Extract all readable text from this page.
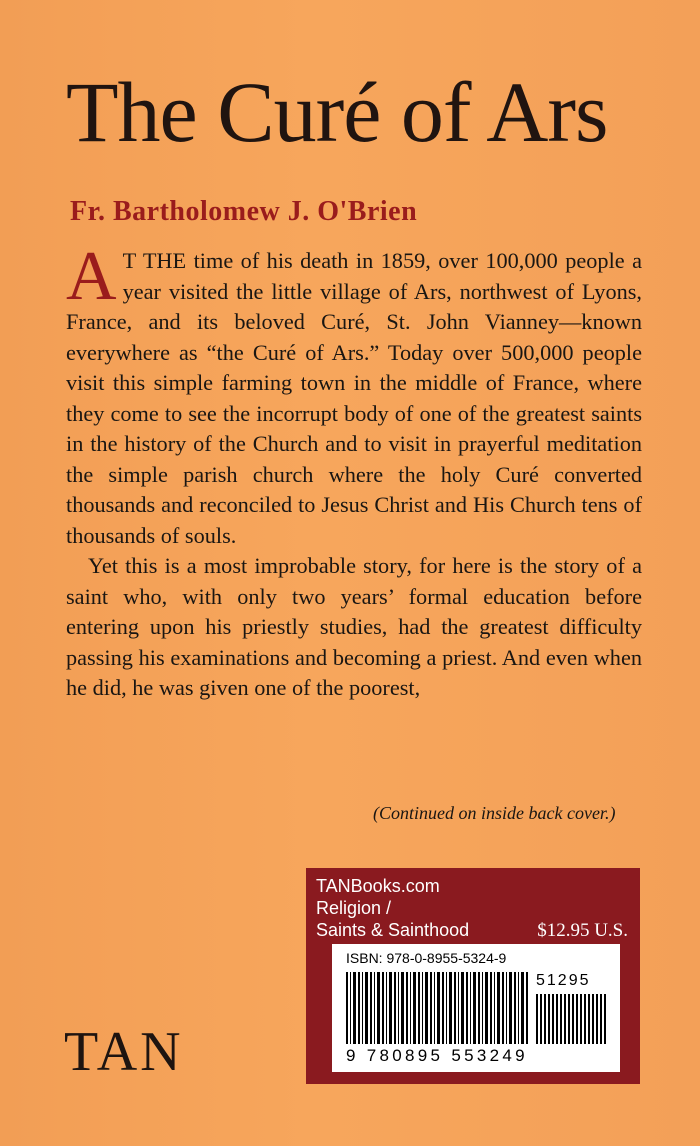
The Curé of Ars
Fr. Bartholomew J. O'Brien

A T THE time of his death in 1859, over 100,000 people a year visited the little village of Ars, northwest of Lyons, France, and its beloved Curé, St. John Vianney—known everywhere as “the Curé of Ars.” Today over 500,000 people visit this simple farming town in the middle of France, where they come to see the incorrupt body of one of the greatest saints in the history of the Church and to visit in prayerful meditation the simple parish church where the holy Curé converted thousands and reconciled to Jesus Christ and His Church tens of thousands of souls.

Yet this is a most improbable story, for here is the story of a saint who, with only two years’ formal education before entering upon his priestly studies, had the greatest difficulty passing his examinations and becoming a priest. And even when he did, he was given one of the poorest,

(Continued on inside back cover.)
TANBooks.com
Religion /
Saints & Sainthood	$12.95 U.S.
ISBN: 978-0-8955-5324-9
51295
9 780895 553249
TAN
